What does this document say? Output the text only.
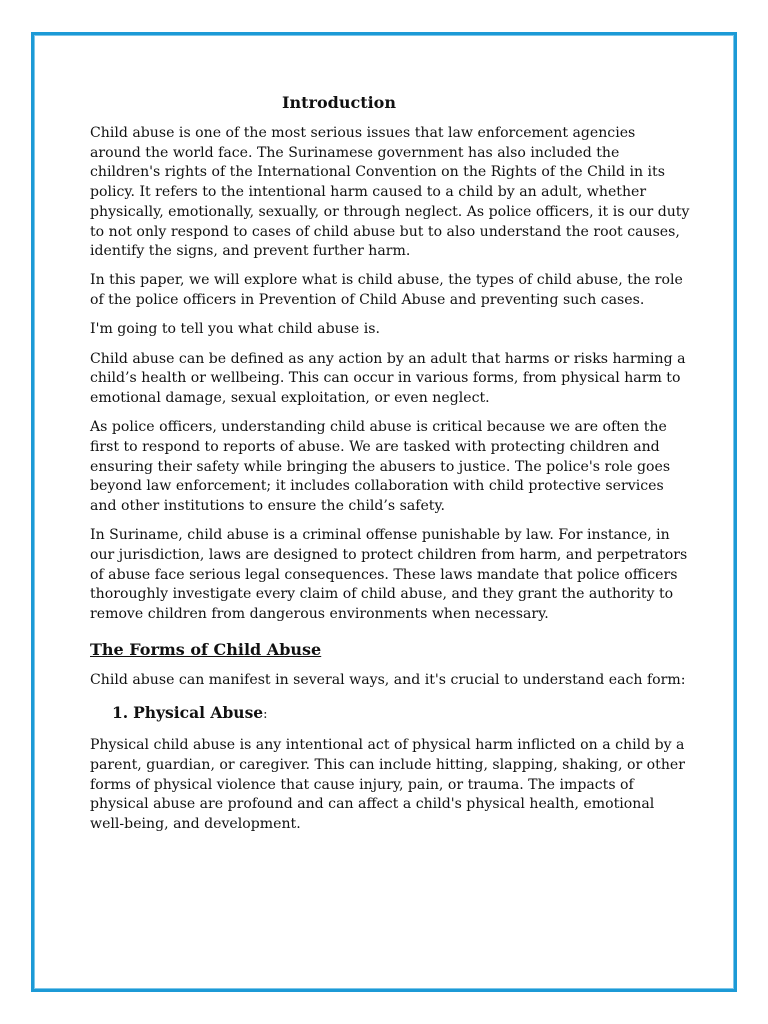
Introduction

Child abuse is one of the most serious issues that law enforcement agencies around the world face. The Surinamese government has also included the children's rights of the International Convention on the Rights of the Child in its policy. It refers to the intentional harm caused to a child by an adult, whether physically, emotionally, sexually, or through neglect. As police officers, it is our duty to not only respond to cases of child abuse but to also understand the root causes, identify the signs, and prevent further harm.

In this paper, we will explore what is child abuse, the types of child abuse, the role of the police officers in Prevention of Child Abuse and preventing such cases.

I'm going to tell you what child abuse is.

Child abuse can be defined as any action by an adult that harms or risks harming a child’s health or wellbeing. This can occur in various forms, from physical harm to emotional damage, sexual exploitation, or even neglect.

As police officers, understanding child abuse is critical because we are often the first to respond to reports of abuse. We are tasked with protecting children and ensuring their safety while bringing the abusers to justice. The police's role goes beyond law enforcement; it includes collaboration with child protective services and other institutions to ensure the child’s safety.

In Suriname, child abuse is a criminal offense punishable by law. For instance, in our jurisdiction, laws are designed to protect children from harm, and perpetrators of abuse face serious legal consequences. These laws mandate that police officers thoroughly investigate every claim of child abuse, and they grant the authority to remove children from dangerous environments when necessary.

The Forms of Child Abuse

Child abuse can manifest in several ways, and it's crucial to understand each form:

1. Physical Abuse:

Physical child abuse is any intentional act of physical harm inflicted on a child by a parent, guardian, or caregiver. This can include hitting, slapping, shaking, or other forms of physical violence that cause injury, pain, or trauma. The impacts of physical abuse are profound and can affect a child's physical health, emotional well-being, and development.
